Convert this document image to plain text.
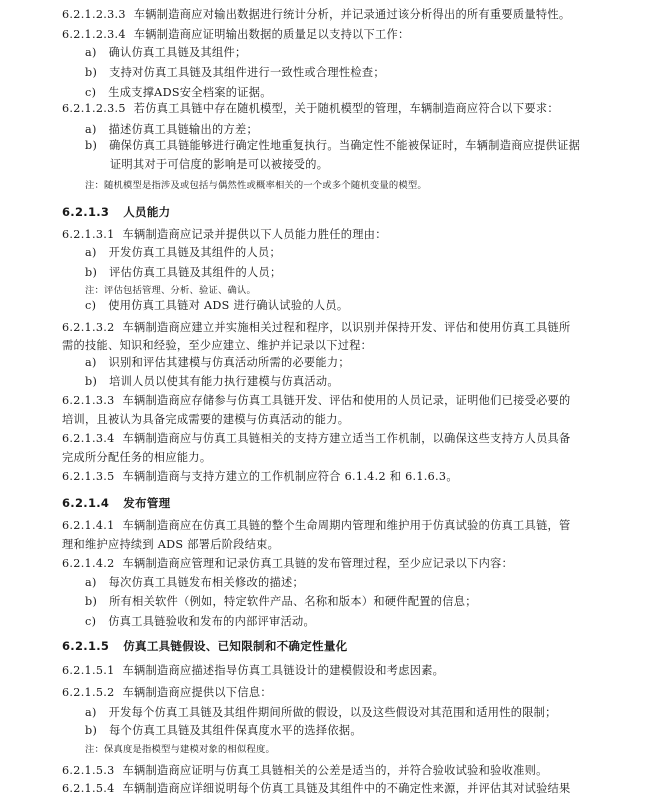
6.2.1.2.3.3 车辆制造商应对输出数据进行统计分析，并记录通过该分析得出的所有重要质量特性。
6.2.1.2.3.4 车辆制造商应证明输出数据的质量足以支持以下工作：
a) 确认仿真工具链及其组件；
b) 支持对仿真工具链及其组件进行一致性或合理性检查；
c) 生成支撑ADS安全档案的证据。
6.2.1.2.3.5 若仿真工具链中存在随机模型，关于随机模型的管理，车辆制造商应符合以下要求：
a) 描述仿真工具链输出的方差；
b) 确保仿真工具链能够进行确定性地重复执行。当确定性不能被保证时，车辆制造商应提供证据
证明其对于可信度的影响是可以被接受的。
注：随机模型是指涉及或包括与偶然性或概率相关的一个或多个随机变量的模型。
6.2.1.3 人员能力
6.2.1.3.1 车辆制造商应记录并提供以下人员能力胜任的理由：
a) 开发仿真工具链及其组件的人员；
b) 评估仿真工具链及其组件的人员；
注：评估包括管理、分析、验证、确认。
c) 使用仿真工具链对 ADS 进行确认试验的人员。
6.2.1.3.2 车辆制造商应建立并实施相关过程和程序，以识别并保持开发、评估和使用仿真工具链所
需的技能、知识和经验，至少应建立、维护并记录以下过程：
a) 识别和评估其建模与仿真活动所需的必要能力；
b) 培训人员以使其有能力执行建模与仿真活动。
6.2.1.3.3 车辆制造商应存储参与仿真工具链开发、评估和使用的人员记录，证明他们已接受必要的
培训，且被认为具备完成需要的建模与仿真活动的能力。
6.2.1.3.4 车辆制造商应与仿真工具链相关的支持方建立适当工作机制，以确保这些支持方人员具备
完成所分配任务的相应能力。
6.2.1.3.5 车辆制造商与支持方建立的工作机制应符合 6.1.4.2 和 6.1.6.3。
6.2.1.4 发布管理
6.2.1.4.1 车辆制造商应在仿真工具链的整个生命周期内管理和维护用于仿真试验的仿真工具链，管
理和维护应持续到 ADS 部署后阶段结束。
6.2.1.4.2 车辆制造商应管理和记录仿真工具链的发布管理过程，至少应记录以下内容：
a) 每次仿真工具链发布相关修改的描述；
b) 所有相关软件（例如，特定软件产品、名称和版本）和硬件配置的信息；
c) 仿真工具链验收和发布的内部评审活动。
6.2.1.5 仿真工具链假设、已知限制和不确定性量化
6.2.1.5.1 车辆制造商应描述指导仿真工具链设计的建模假设和考虑因素。
6.2.1.5.2 车辆制造商应提供以下信息：
a) 开发每个仿真工具链及其组件期间所做的假设，以及这些假设对其范围和适用性的限制；
b) 每个仿真工具链及其组件保真度水平的选择依据。
注：保真度是指模型与建模对象的相似程度。
6.2.1.5.3 车辆制造商应证明与仿真工具链相关的公差是适当的，并符合验收试验和验收准则。
6.2.1.5.4 车辆制造商应详细说明每个仿真工具链及其组件中的不确定性来源，并评估其对试验结果
